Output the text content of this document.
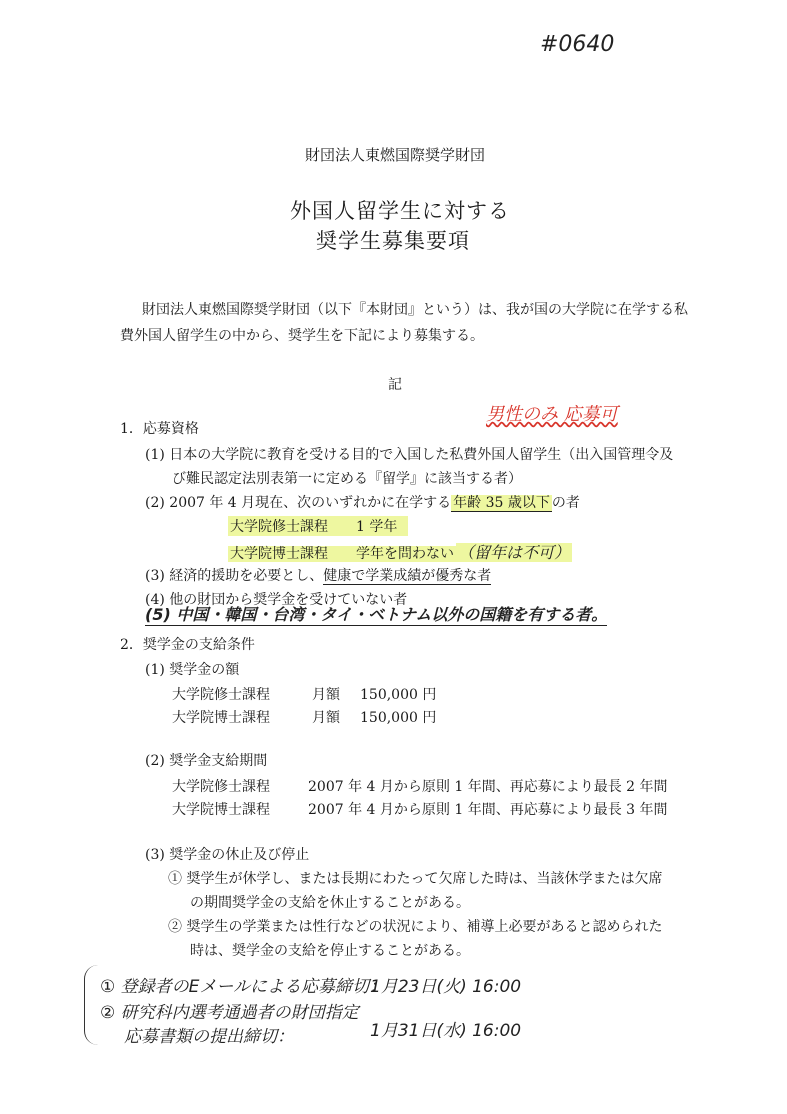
#0640
財団法人東燃国際奨学財団
外国人留学生に対する
奨学生募集要項
財団法人東燃国際奨学財団（以下『本財団』という）は、我が国の大学院に在学する私
費外国人留学生の中から、奨学生を下記により募集する。
記
1．応募資格
男性のみ 応募可
(1) 日本の大学院に教育を受ける目的で入国した私費外国人留学生（出入国管理令及
び難民認定法別表第一に定める『留学』に該当する者）
(2) 2007 年 4 月現在、次のいずれかに在学する 年齢 35 歳以下 の者
大学院修士課程　　1 学年
大学院博士課程　　学年を問わない （留年は不可）
(3) 経済的援助を必要とし、健康で学業成績が優秀な者
(4) 他の財団から奨学金を受けていない者
(5) 中国・韓国・台湾・タイ・ベトナム以外の国籍を有する者。
2．奨学金の支給条件
(1) 奨学金の額
大学院修士課程	月額 150,000 円
大学院博士課程	月額 150,000 円
(2) 奨学金支給期間
大学院修士課程	2007 年 4 月から原則 1 年間、再応募により最長 2 年間
大学院博士課程	2007 年 4 月から原則 1 年間、再応募により最長 3 年間
(3) 奨学金の休止及び停止
① 奨学生が休学し、または長期にわたって欠席した時は、当該休学または欠席
の期間奨学金の支給を休止することがある。
② 奨学生の学業または性行などの状況により、補導上必要があると認められた
時は、奨学金の支給を停止することがある。
① 登録者のEメールによる応募締切：
1月23日(火) 16:00
② 研究科内選考通過者の財団指定
応募書類の提出締切：	1月31日(水) 16:00
